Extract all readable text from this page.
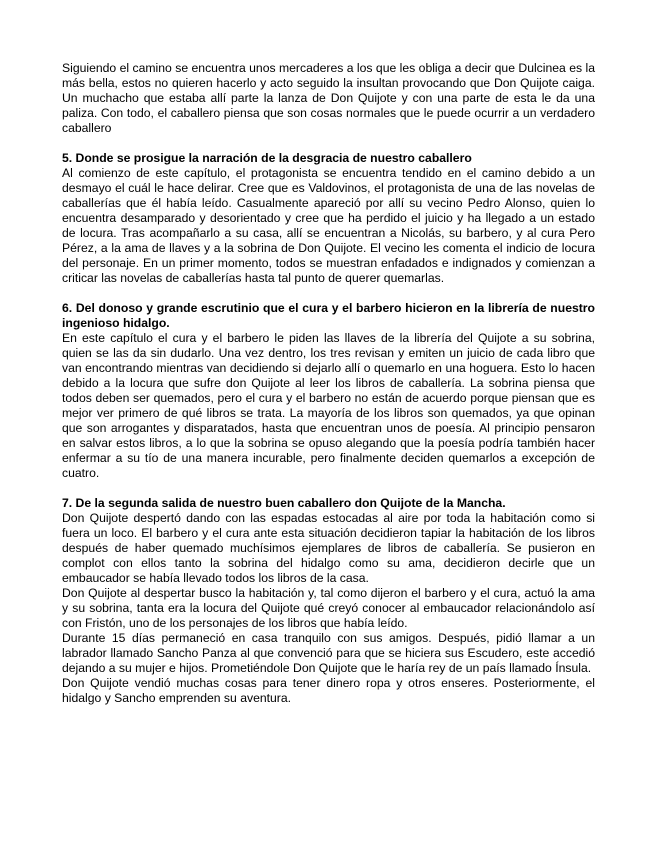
Siguiendo el camino se encuentra unos mercaderes a los que les obliga a decir que Dulcinea es la más bella, estos no quieren hacerlo y acto seguido la insultan provocando que Don Quijote caiga. Un muchacho que estaba allí parte la lanza de Don Quijote y con una parte de esta le da una paliza. Con todo, el caballero piensa que son cosas normales que le puede ocurrir a un verdadero caballero

5. Donde se prosigue la narración de la desgracia de nuestro caballero

Al comienzo de este capítulo, el protagonista se encuentra tendido en el camino debido a un desmayo el cuál le hace delirar. Cree que es Valdovinos, el protagonista de una de las novelas de caballerías que él había leído. Casualmente apareció por allí su vecino Pedro Alonso, quien lo encuentra desamparado y desorientado y cree que ha perdido el juicio y ha llegado a un estado de locura. Tras acompañarlo a su casa, allí se encuentran a Nicolás, su barbero, y al cura Pero Pérez, a la ama de llaves y a la sobrina de Don Quijote. El vecino les comenta el indicio de locura del personaje. En un primer momento, todos se muestran enfadados e indignados y comienzan a criticar las novelas de caballerías hasta tal punto de querer quemarlas.

6. Del donoso y grande escrutinio que el cura y el barbero hicieron en la librería de nuestro ingenioso hidalgo.

En este capítulo el cura y el barbero le piden las llaves de la librería del Quijote a su sobrina, quien se las da sin dudarlo. Una vez dentro, los tres revisan y emiten un juicio de cada libro que van encontrando mientras van decidiendo si dejarlo allí o quemarlo en una hoguera. Esto lo hacen debido a la locura que sufre don Quijote al leer los libros de caballería. La sobrina piensa que todos deben ser quemados, pero el cura y el barbero no están de acuerdo porque piensan que es mejor ver primero de qué libros se trata. La mayoría de los libros son quemados, ya que opinan que son arrogantes y disparatados, hasta que encuentran unos de poesía. Al principio pensaron en salvar estos libros, a lo que la sobrina se opuso alegando que la poesía podría también hacer enfermar a su tío de una manera incurable, pero finalmente deciden quemarlos a excepción de cuatro.

7. De la segunda salida de nuestro buen caballero don Quijote de la Mancha.

Don Quijote despertó dando con las espadas estocadas al aire por toda la habitación como si fuera un loco. El barbero y el cura ante esta situación decidieron tapiar la habitación de los libros después de haber quemado muchísimos ejemplares de libros de caballería. Se pusieron en complot con ellos tanto la sobrina del hidalgo como su ama, decidieron decirle que un embaucador se había llevado todos los libros de la casa.

Don Quijote al despertar busco la habitación y, tal como dijeron el barbero y el cura, actuó la ama y su sobrina, tanta era la locura del Quijote qué creyó conocer al embaucador relacionándolo así con Fristón, uno de los personajes de los libros que había leído.

Durante 15 días permaneció en casa tranquilo con sus amigos. Después, pidió llamar a un labrador llamado Sancho Panza al que convenció para que se hiciera sus Escudero, este accedió dejando a su mujer e hijos. Prometiéndole Don Quijote que le haría rey de un país llamado Ínsula.

Don Quijote vendió muchas cosas para tener dinero ropa y otros enseres. Posteriormente, el hidalgo y Sancho emprenden su aventura.
